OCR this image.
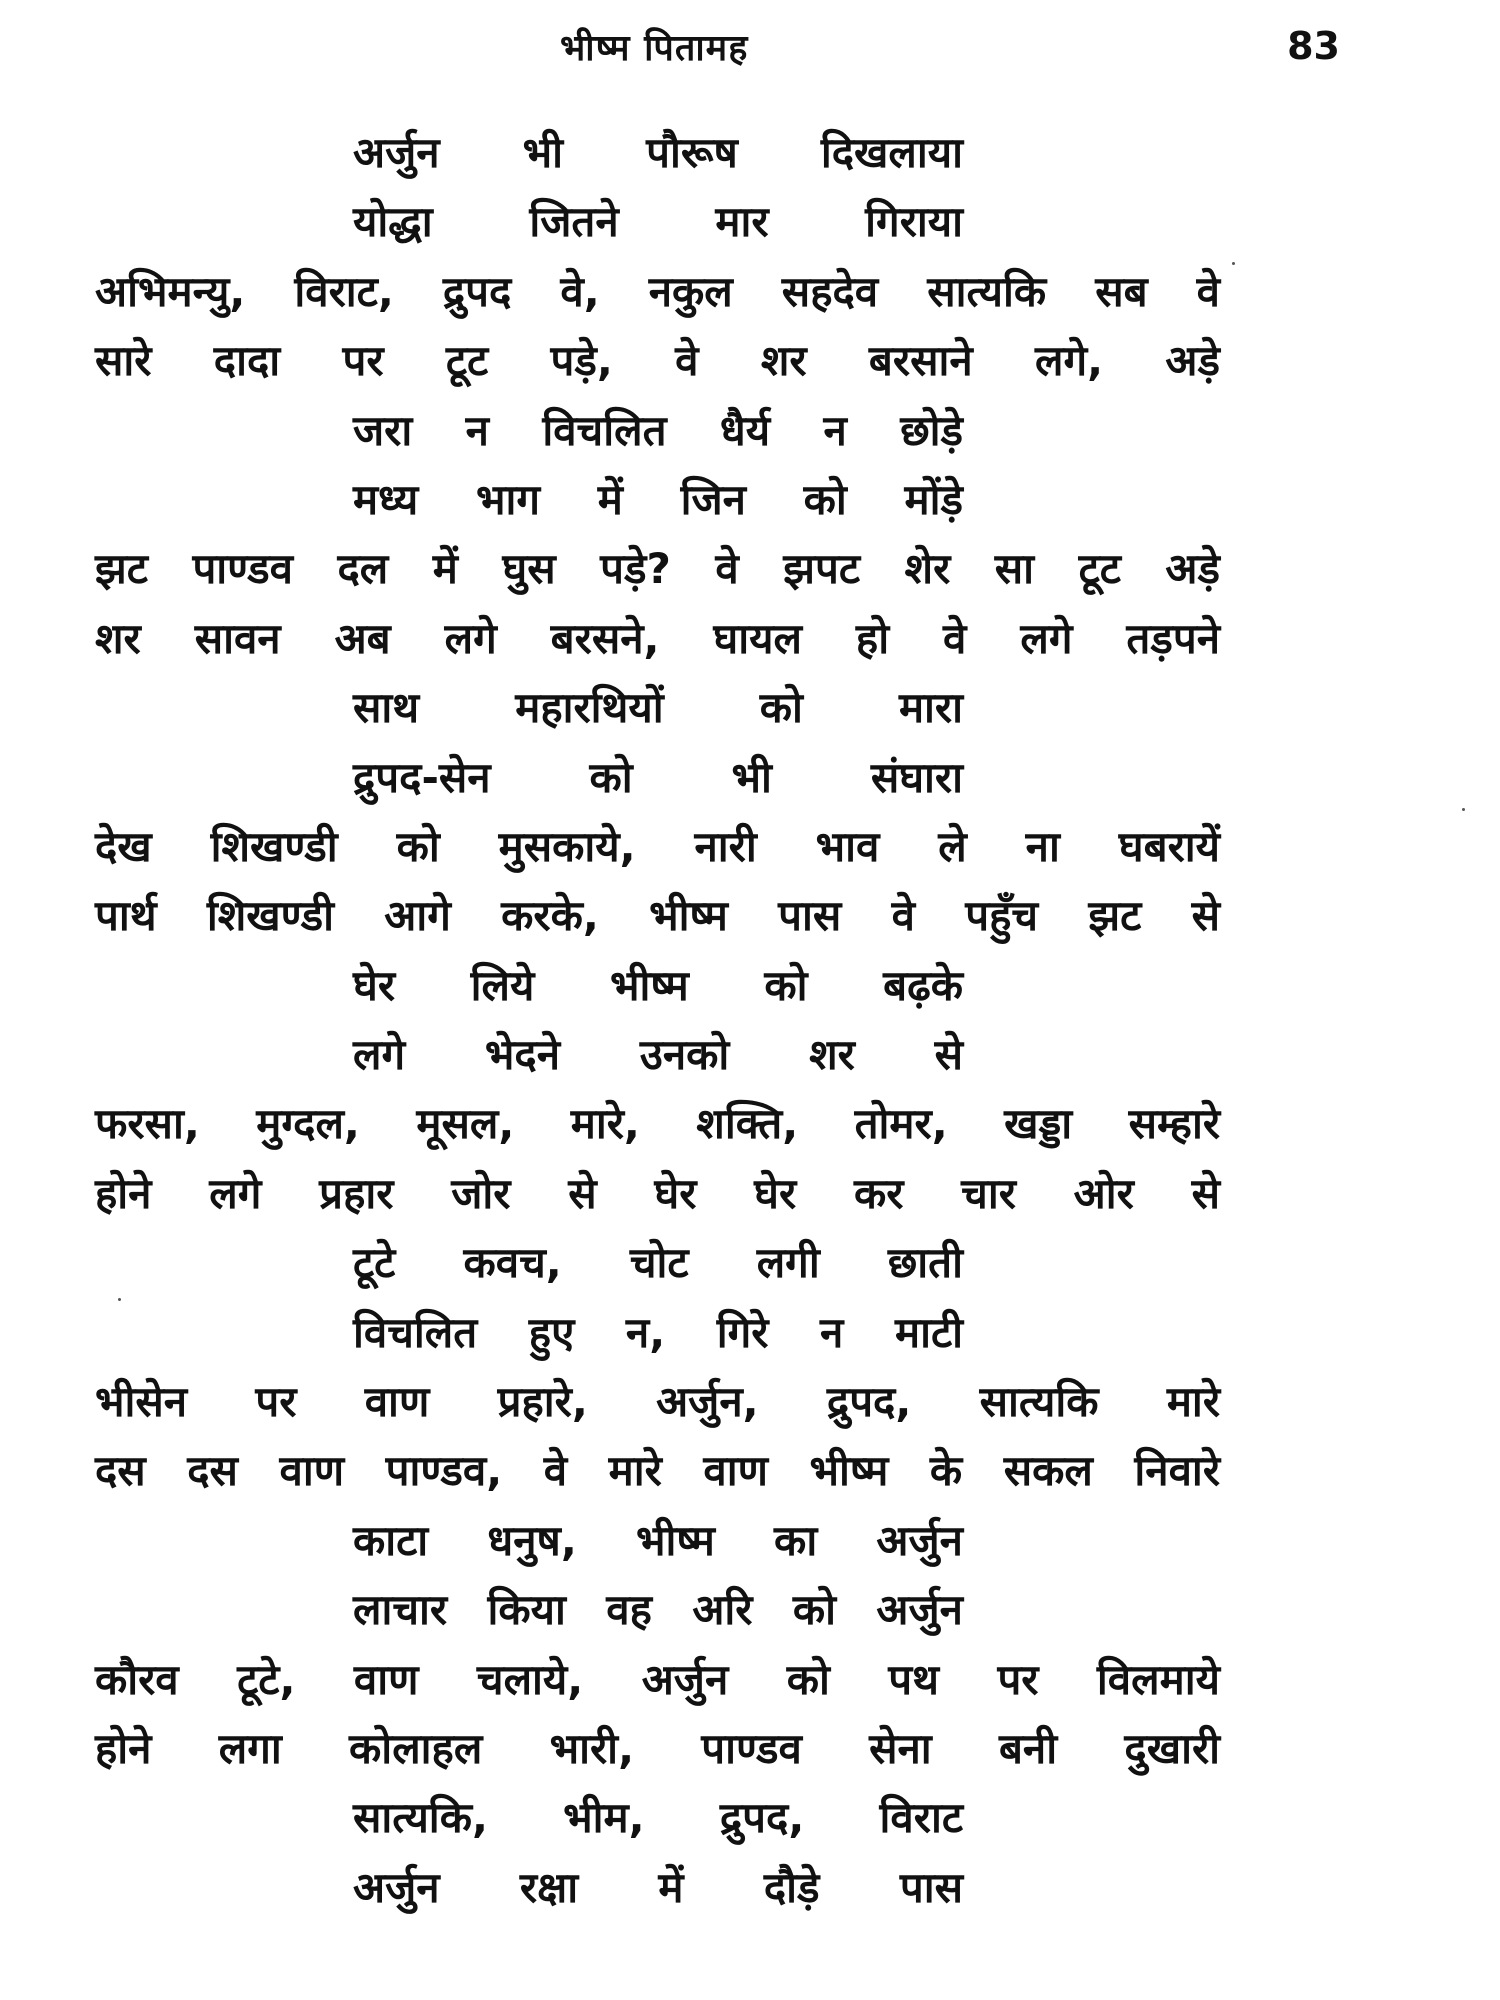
भीष्म पितामह	83
अर्जुन भी पौरूष दिखलाया
योद्धा जितने मार गिराया
अभिमन्यु, विराट, द्रुपद वे, नकुल सहदेव सात्यकि सब वे
सारे दादा पर टूट पड़े, वे शर बरसाने लगे, अड़े
जरा न विचलित धैर्य न छोड़े
मध्य भाग में जिन को मोंड़े
झट पाण्डव दल में घुस पड़े? वे झपट शेर सा टूट अड़े
शर सावन अब लगे बरसने, घायल हो वे लगे तड़पने
साथ महारथियों को मारा
द्रुपद-सेन को भी संघारा
देख शिखण्डी को मुसकाये, नारी भाव ले ना घबरायें
पार्थ शिखण्डी आगे करके, भीष्म पास वे पहुँच झट से
घेर लिये भीष्म को बढ़के
लगे भेदने उनको शर से
फरसा, मुग्दल, मूसल, मारे, शक्ति, तोमर, खड्डा सम्हारे
होने लगे प्रहार जोर से घेर घेर कर चार ओर से
टूटे कवच, चोट लगी छाती
विचलित हुए न, गिरे न माटी
भीसेन पर वाण प्रहारे, अर्जुन, द्रुपद, सात्यकि मारे
दस दस वाण पाण्डव, वे मारे वाण भीष्म के सकल निवारे
काटा धनुष, भीष्म का अर्जुन
लाचार किया वह अरि को अर्जुन
कौरव टूटे, वाण चलाये, अर्जुन को पथ पर विलमाये
होने लगा कोलाहल भारी, पाण्डव सेना बनी दुखारी
सात्यकि, भीम, द्रुपद, विराट
अर्जुन रक्षा में दौड़े पास
